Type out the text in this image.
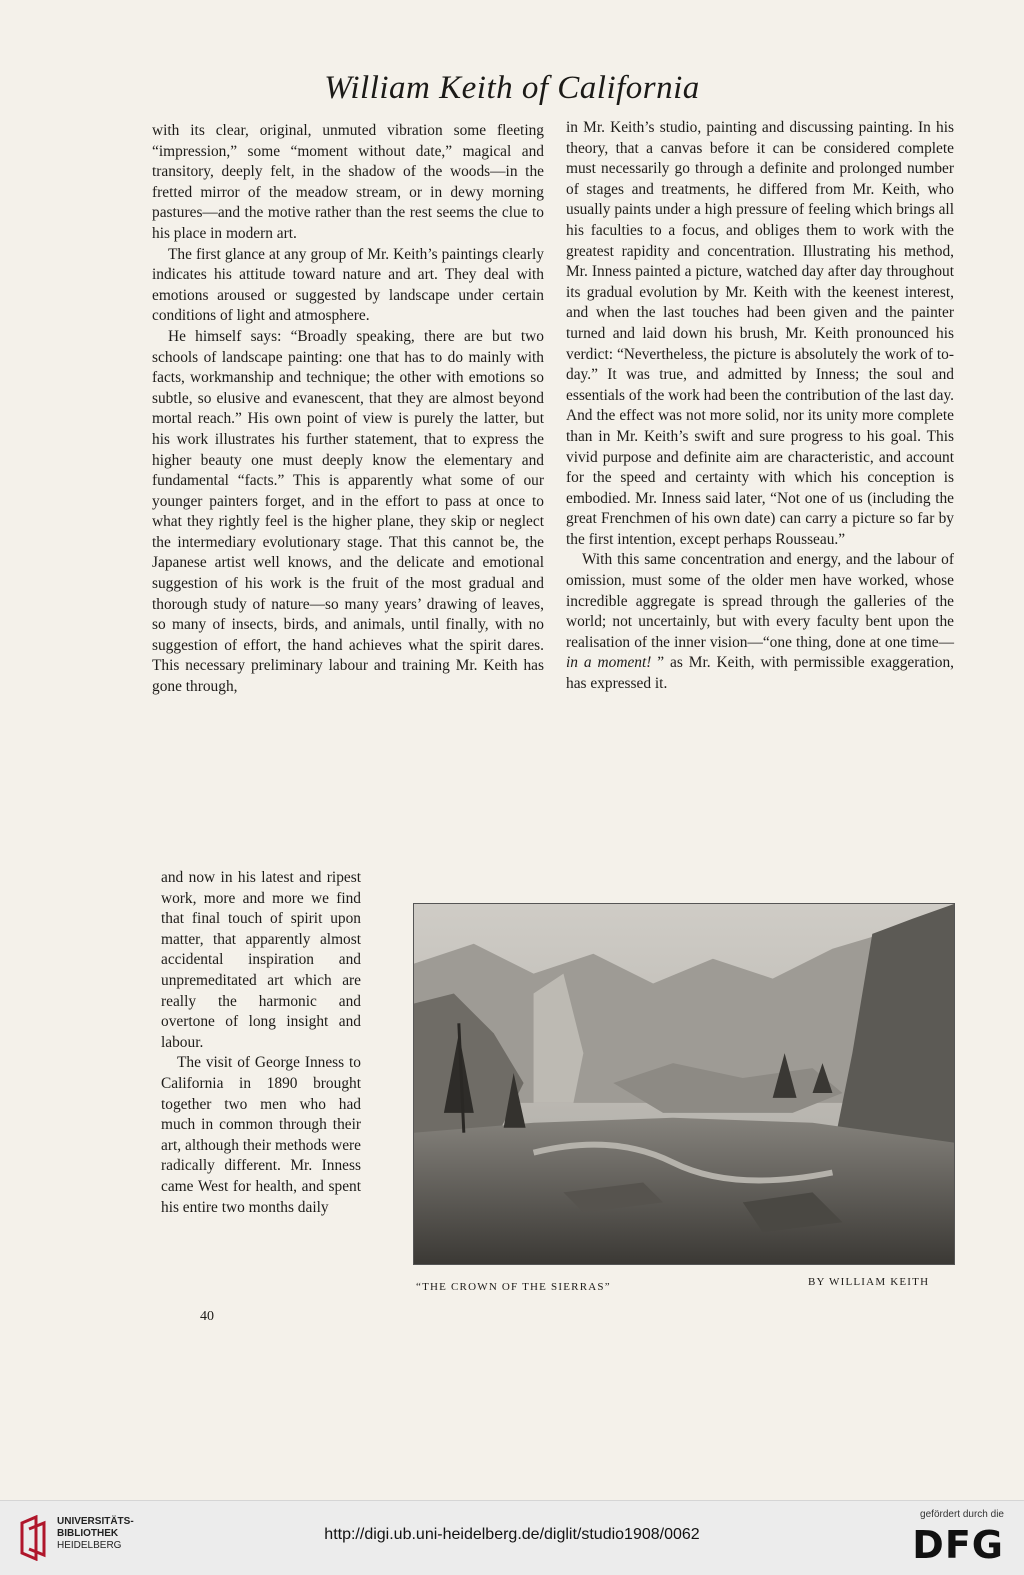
William Keith of California

with its clear, original, unmuted vibration some fleeting “impression,” some “moment without date,” magical and transitory, deeply felt, in the shadow of the woods—in the fretted mirror of the meadow stream, or in dewy morning pastures—and the motive rather than the rest seems the clue to his place in modern art.

The first glance at any group of Mr. Keith’s paintings clearly indicates his attitude toward nature and art. They deal with emotions aroused or suggested by landscape under certain conditions of light and atmosphere.

He himself says: “Broadly speaking, there are but two schools of landscape painting: one that has to do mainly with facts, workmanship and technique; the other with emotions so subtle, so elusive and evanescent, that they are almost beyond mortal reach.” His own point of view is purely the latter, but his work illustrates his further statement, that to express the higher beauty one must deeply know the elementary and fundamental “facts.” This is apparently what some of our younger painters forget, and in the effort to pass at once to what they rightly feel is the higher plane, they skip or neglect the intermediary evolutionary stage. That this cannot be, the Japanese artist well knows, and the delicate and emotional suggestion of his work is the fruit of the most gradual and thorough study of nature—so many years’ drawing of leaves, so many of insects, birds, and animals, until finally, with no suggestion of effort, the hand achieves what the spirit dares. This necessary preliminary labour and training Mr. Keith has gone through,

and now in his latest and ripest work, more and more we find that final touch of spirit upon matter, that apparently almost accidental inspiration and unpremeditated art which are really the harmonic and overtone of long insight and labour.

The visit of George Inness to California in 1890 brought together two men who had much in common through their art, although their methods were radically different. Mr. Inness came West for health, and spent his entire two months daily

in Mr. Keith’s studio, painting and discussing painting. In his theory, that a canvas before it can be considered complete must necessarily go through a definite and prolonged number of stages and treatments, he differed from Mr. Keith, who usually paints under a high pressure of feeling which brings all his faculties to a focus, and obliges them to work with the greatest rapidity and concentration. Illustrating his method, Mr. Inness painted a picture, watched day after day throughout its gradual evolution by Mr. Keith with the keenest interest, and when the last touches had been given and the painter turned and laid down his brush, Mr. Keith pronounced his verdict: “Nevertheless, the picture is absolutely the work of to-day.” It was true, and admitted by Inness; the soul and essentials of the work had been the contribution of the last day. And the effect was not more solid, nor its unity more complete than in Mr. Keith’s swift and sure progress to his goal. This vivid purpose and definite aim are characteristic, and account for the speed and certainty with which his conception is embodied. Mr. Inness said later, “Not one of us (including the great Frenchmen of his own date) can carry a picture so far by the first intention, except perhaps Rousseau.”

With this same concentration and energy, and the labour of omission, must some of the older men have worked, whose incredible aggregate is spread through the galleries of the world; not uncertainly, but with every faculty bent upon the realisation of the inner vision—“one thing, done at one time—in a moment! ” as Mr. Keith, with permissible exaggeration, has expressed it.

“THE CROWN OF THE SIERRAS”	BY WILLIAM KEITH
40
UNIVERSITÄTS-
BIBLIOTHEK
HEIDELBERG
http://digi.ub.uni-heidelberg.de/diglit/studio1908/0062
gefördert durch die
DFG
